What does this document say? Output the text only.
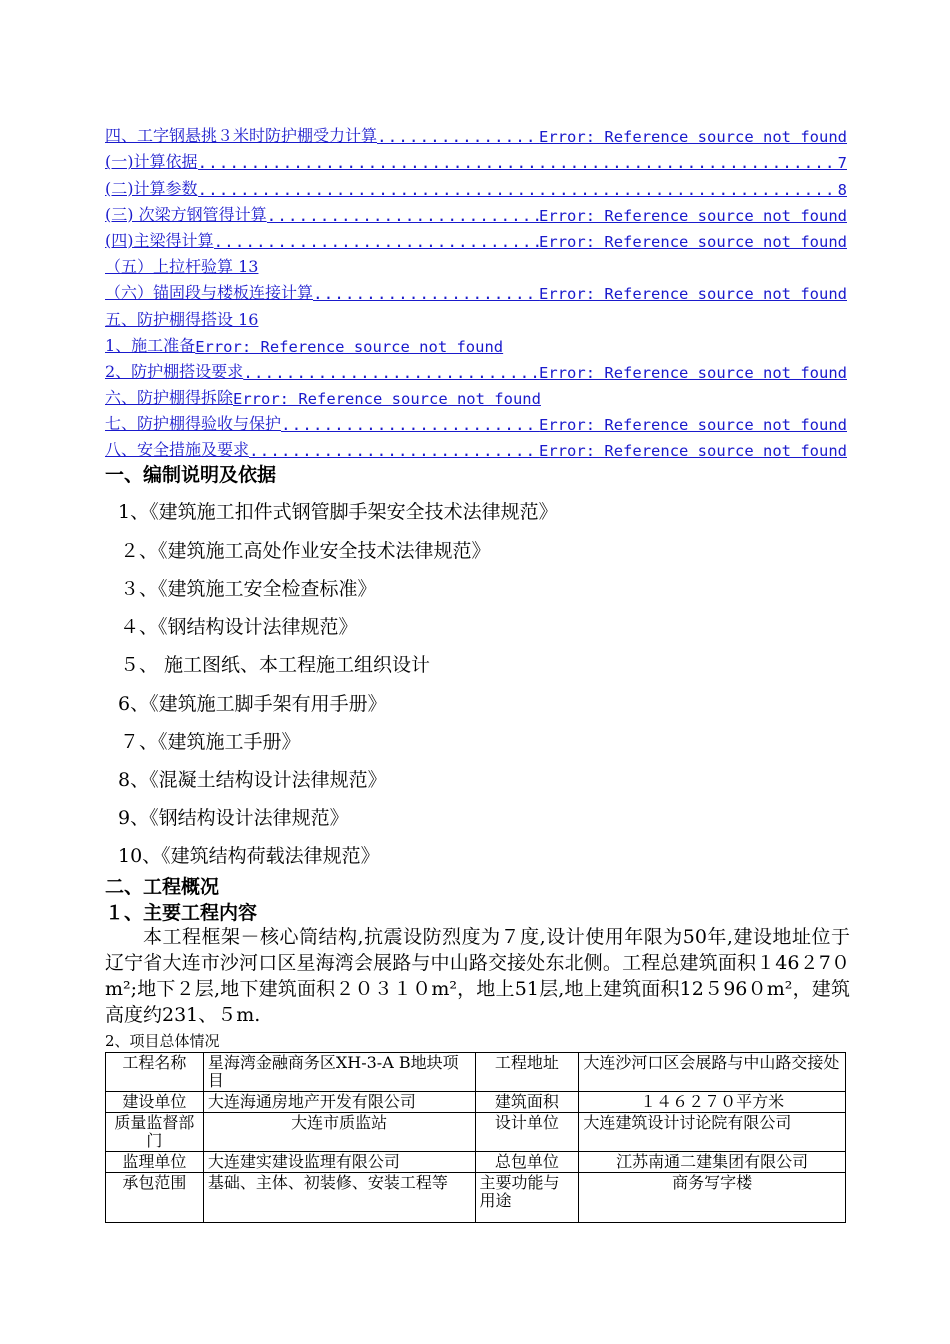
四、工字钢悬挑３米时防护棚受力计算 .....	Error: Reference source not found
(一)计算依据 .....	7
(二)计算参数 .....	8
(三) 次梁方钢管得计算 .....	Error: Reference source not found
(四)主梁得计算 .....	Error: Reference source not found
（五）上拉杆验算 13
（六）锚固段与楼板连接计算 .....	Error: Reference source not found
五、防护棚得搭设 16
1、施工准备 Error: Reference source not found
2、防护棚搭设要求 .....	Error: Reference source not found
六、防护棚得拆除 Error: Reference source not found
七、防护棚得验收与保护 .....	Error: Reference source not found
八、安全措施及要求 .....	Error: Reference source not found
一、编制说明及依据
1、《建筑施工扣件式钢管脚手架安全技术法律规范》
２、《建筑施工高处作业安全技术法律规范》
３、《建筑施工安全检查标准》
４、《钢结构设计法律规范》
５、 施工图纸、本工程施工组织设计
6、《建筑施工脚手架有用手册》
７、《建筑施工手册》
8、《混凝土结构设计法律规范》
9、《钢结构设计法律规范》
10、《建筑结构荷载法律规范》
二、工程概况
１、主要工程内容

本工程框架－核心筒结构,抗震设防烈度为７度,设计使用年限为50年,建设地址位于辽宁省大连市沙河口区星海湾会展路与中山路交接处东北侧。工程总建筑面积１46２7０m²;地下２层,地下建筑面积２０３１０m²，地上51层,地上建筑面积12５96０m²，建筑高度约231、５m.

2、项目总体情况
工程名称	星海湾金融商务区XH-3-A B地块项目	工程地址	大连沙河口区会展路与中山路交接处
建设单位	大连海通房地产开发有限公司	建筑面积	１４６２７０平方米
质量监督部门	大连市质监站	设计单位	大连建筑设计讨论院有限公司
监理单位	大连建实建设监理有限公司	总包单位	江苏南通二建集团有限公司
承包范围	基础、主体、初装修、安装工程等	主要功能与用途	商务写字楼
